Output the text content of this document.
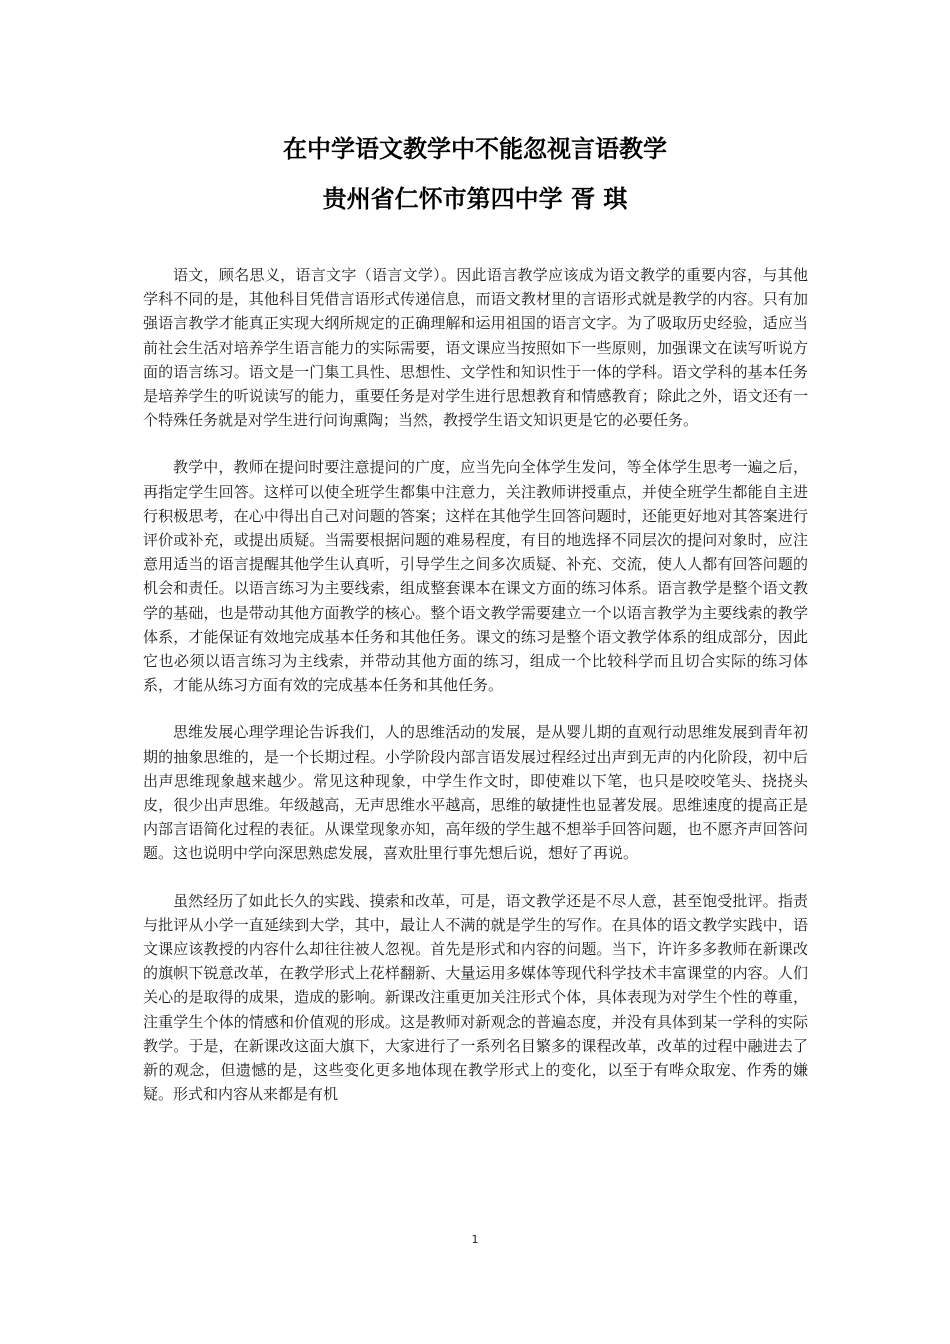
在中学语文教学中不能忽视言语教学
贵州省仁怀市第四中学 胥 琪

语文，顾名思义，语言文字（语言文学）。因此语言教学应该成为语文教学的重要内容，与其他学科不同的是，其他科目凭借言语形式传递信息，而语文教材里的言语形式就是教学的内容。只有加强语言教学才能真正实现大纲所规定的正确理解和运用祖国的语言文字。为了吸取历史经验，适应当前社会生活对培养学生语言能力的实际需要，语文课应当按照如下一些原则，加强课文在读写听说方面的语言练习。语文是一门集工具性、思想性、文学性和知识性于一体的学科。语文学科的基本任务是培养学生的听说读写的能力，重要任务是对学生进行思想教育和情感教育；除此之外，语文还有一个特殊任务就是对学生进行问询熏陶；当然，教授学生语文知识更是它的必要任务。

教学中，教师在提问时要注意提问的广度，应当先向全体学生发问，等全体学生思考一遍之后，再指定学生回答。这样可以使全班学生都集中注意力，关注教师讲授重点，并使全班学生都能自主进行积极思考，在心中得出自己对问题的答案；这样在其他学生回答问题时，还能更好地对其答案进行评价或补充，或提出质疑。当需要根据问题的难易程度，有目的地选择不同层次的提问对象时，应注意用适当的语言提醒其他学生认真听，引导学生之间多次质疑、补充、交流，使人人都有回答问题的机会和责任。以语言练习为主要线索，组成整套课本在课文方面的练习体系。语言教学是整个语文教学的基础，也是带动其他方面教学的核心。整个语文教学需要建立一个以语言教学为主要线索的教学体系，才能保证有效地完成基本任务和其他任务。课文的练习是整个语文教学体系的组成部分，因此它也必须以语言练习为主线索，并带动其他方面的练习，组成一个比较科学而且切合实际的练习体系，才能从练习方面有效的完成基本任务和其他任务。

思维发展心理学理论告诉我们，人的思维活动的发展，是从婴儿期的直观行动思维发展到青年初期的抽象思维的，是一个长期过程。小学阶段内部言语发展过程经过出声到无声的内化阶段，初中后出声思维现象越来越少。常见这种现象，中学生作文时，即使难以下笔，也只是咬咬笔头、挠挠头皮，很少出声思维。年级越高，无声思维水平越高，思维的敏捷性也显著发展。思维速度的提高正是内部言语简化过程的表征。从课堂现象亦知，高年级的学生越不想举手回答问题，也不愿齐声回答问题。这也说明中学向深思熟虑发展，喜欢肚里行事先想后说，想好了再说。

虽然经历了如此长久的实践、摸索和改革，可是，语文教学还是不尽人意，甚至饱受批评。指责与批评从小学一直延续到大学，其中，最让人不满的就是学生的写作。在具体的语文教学实践中，语文课应该教授的内容什么却往往被人忽视。首先是形式和内容的问题。当下，许许多多教师在新课改的旗帜下锐意改革，在教学形式上花样翻新、大量运用多媒体等现代科学技术丰富课堂的内容。人们关心的是取得的成果，造成的影响。新课改注重更加关注形式个体，具体表现为对学生个性的尊重，注重学生个体的情感和价值观的形成。这是教师对新观念的普遍态度，并没有具体到某一学科的实际教学。于是，在新课改这面大旗下，大家进行了一系列名目繁多的课程改革，改革的过程中融进去了新的观念，但遗憾的是，这些变化更多地体现在教学形式上的变化，以至于有哗众取宠、作秀的嫌疑。形式和内容从来都是有机

1
